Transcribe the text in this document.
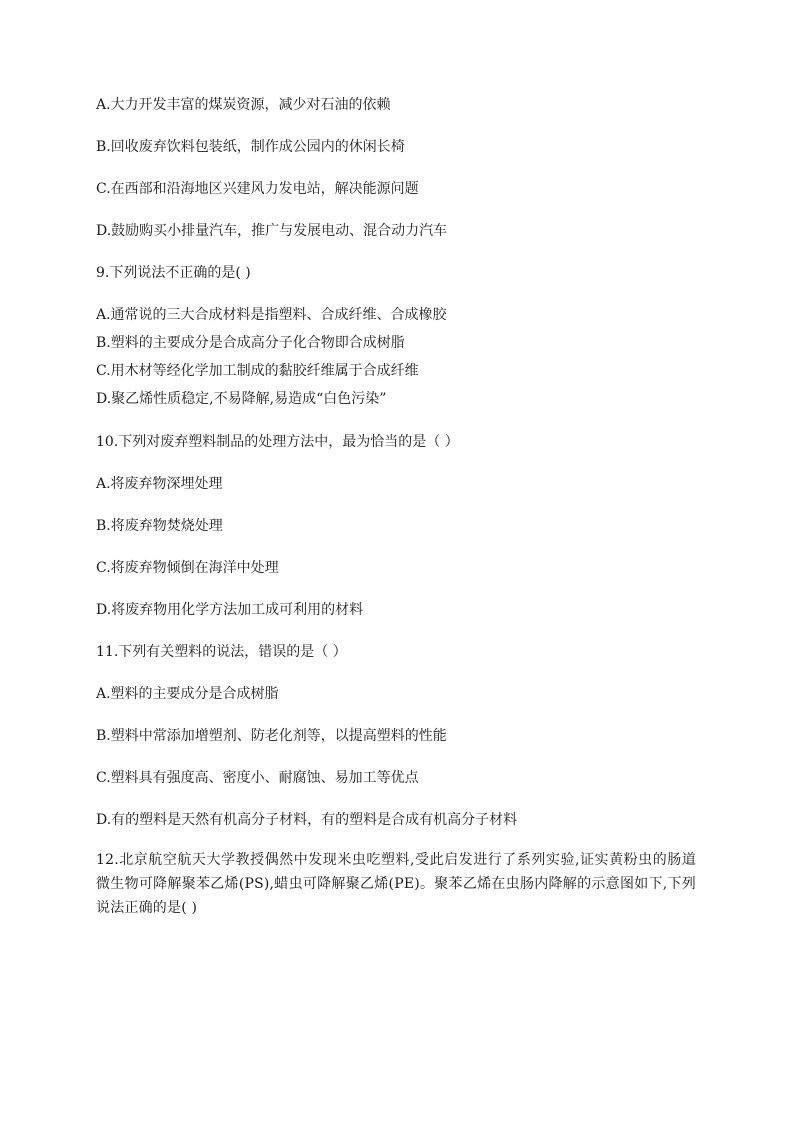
A.大力开发丰富的煤炭资源，减少对石油的依赖
B.回收废弃饮料包装纸，制作成公园内的休闲长椅
C.在西部和沿海地区兴建风力发电站，解决能源问题
D.鼓励购买小排量汽车，推广与发展电动、混合动力汽车
9.下列说法不正确的是( )
A.通常说的三大合成材料是指塑料、合成纤维、合成橡胶
B.塑料的主要成分是合成高分子化合物即合成树脂
C.用木材等经化学加工制成的黏胶纤维属于合成纤维
D.聚乙烯性质稳定,不易降解,易造成“白色污染”
10.下列对废弃塑料制品的处理方法中，最为恰当的是（ ）
A.将废弃物深埋处理
B.将废弃物焚烧处理
C.将废弃物倾倒在海洋中处理
D.将废弃物用化学方法加工成可利用的材料
11.下列有关塑料的说法，错误的是（ ）
A.塑料的主要成分是合成树脂
B.塑料中常添加增塑剂、防老化剂等，以提高塑料的性能
C.塑料具有强度高、密度小、耐腐蚀、易加工等优点
D.有的塑料是天然有机高分子材料，有的塑料是合成有机高分子材料
12.北京航空航天大学教授偶然中发现米虫吃塑料,受此启发进行了系列实验,证实黄粉虫的肠道微生物可降解聚苯乙烯(PS),蜡虫可降解聚乙烯(PE)。聚苯乙烯在虫肠内降解的示意图如下,下列说法正确的是( )
